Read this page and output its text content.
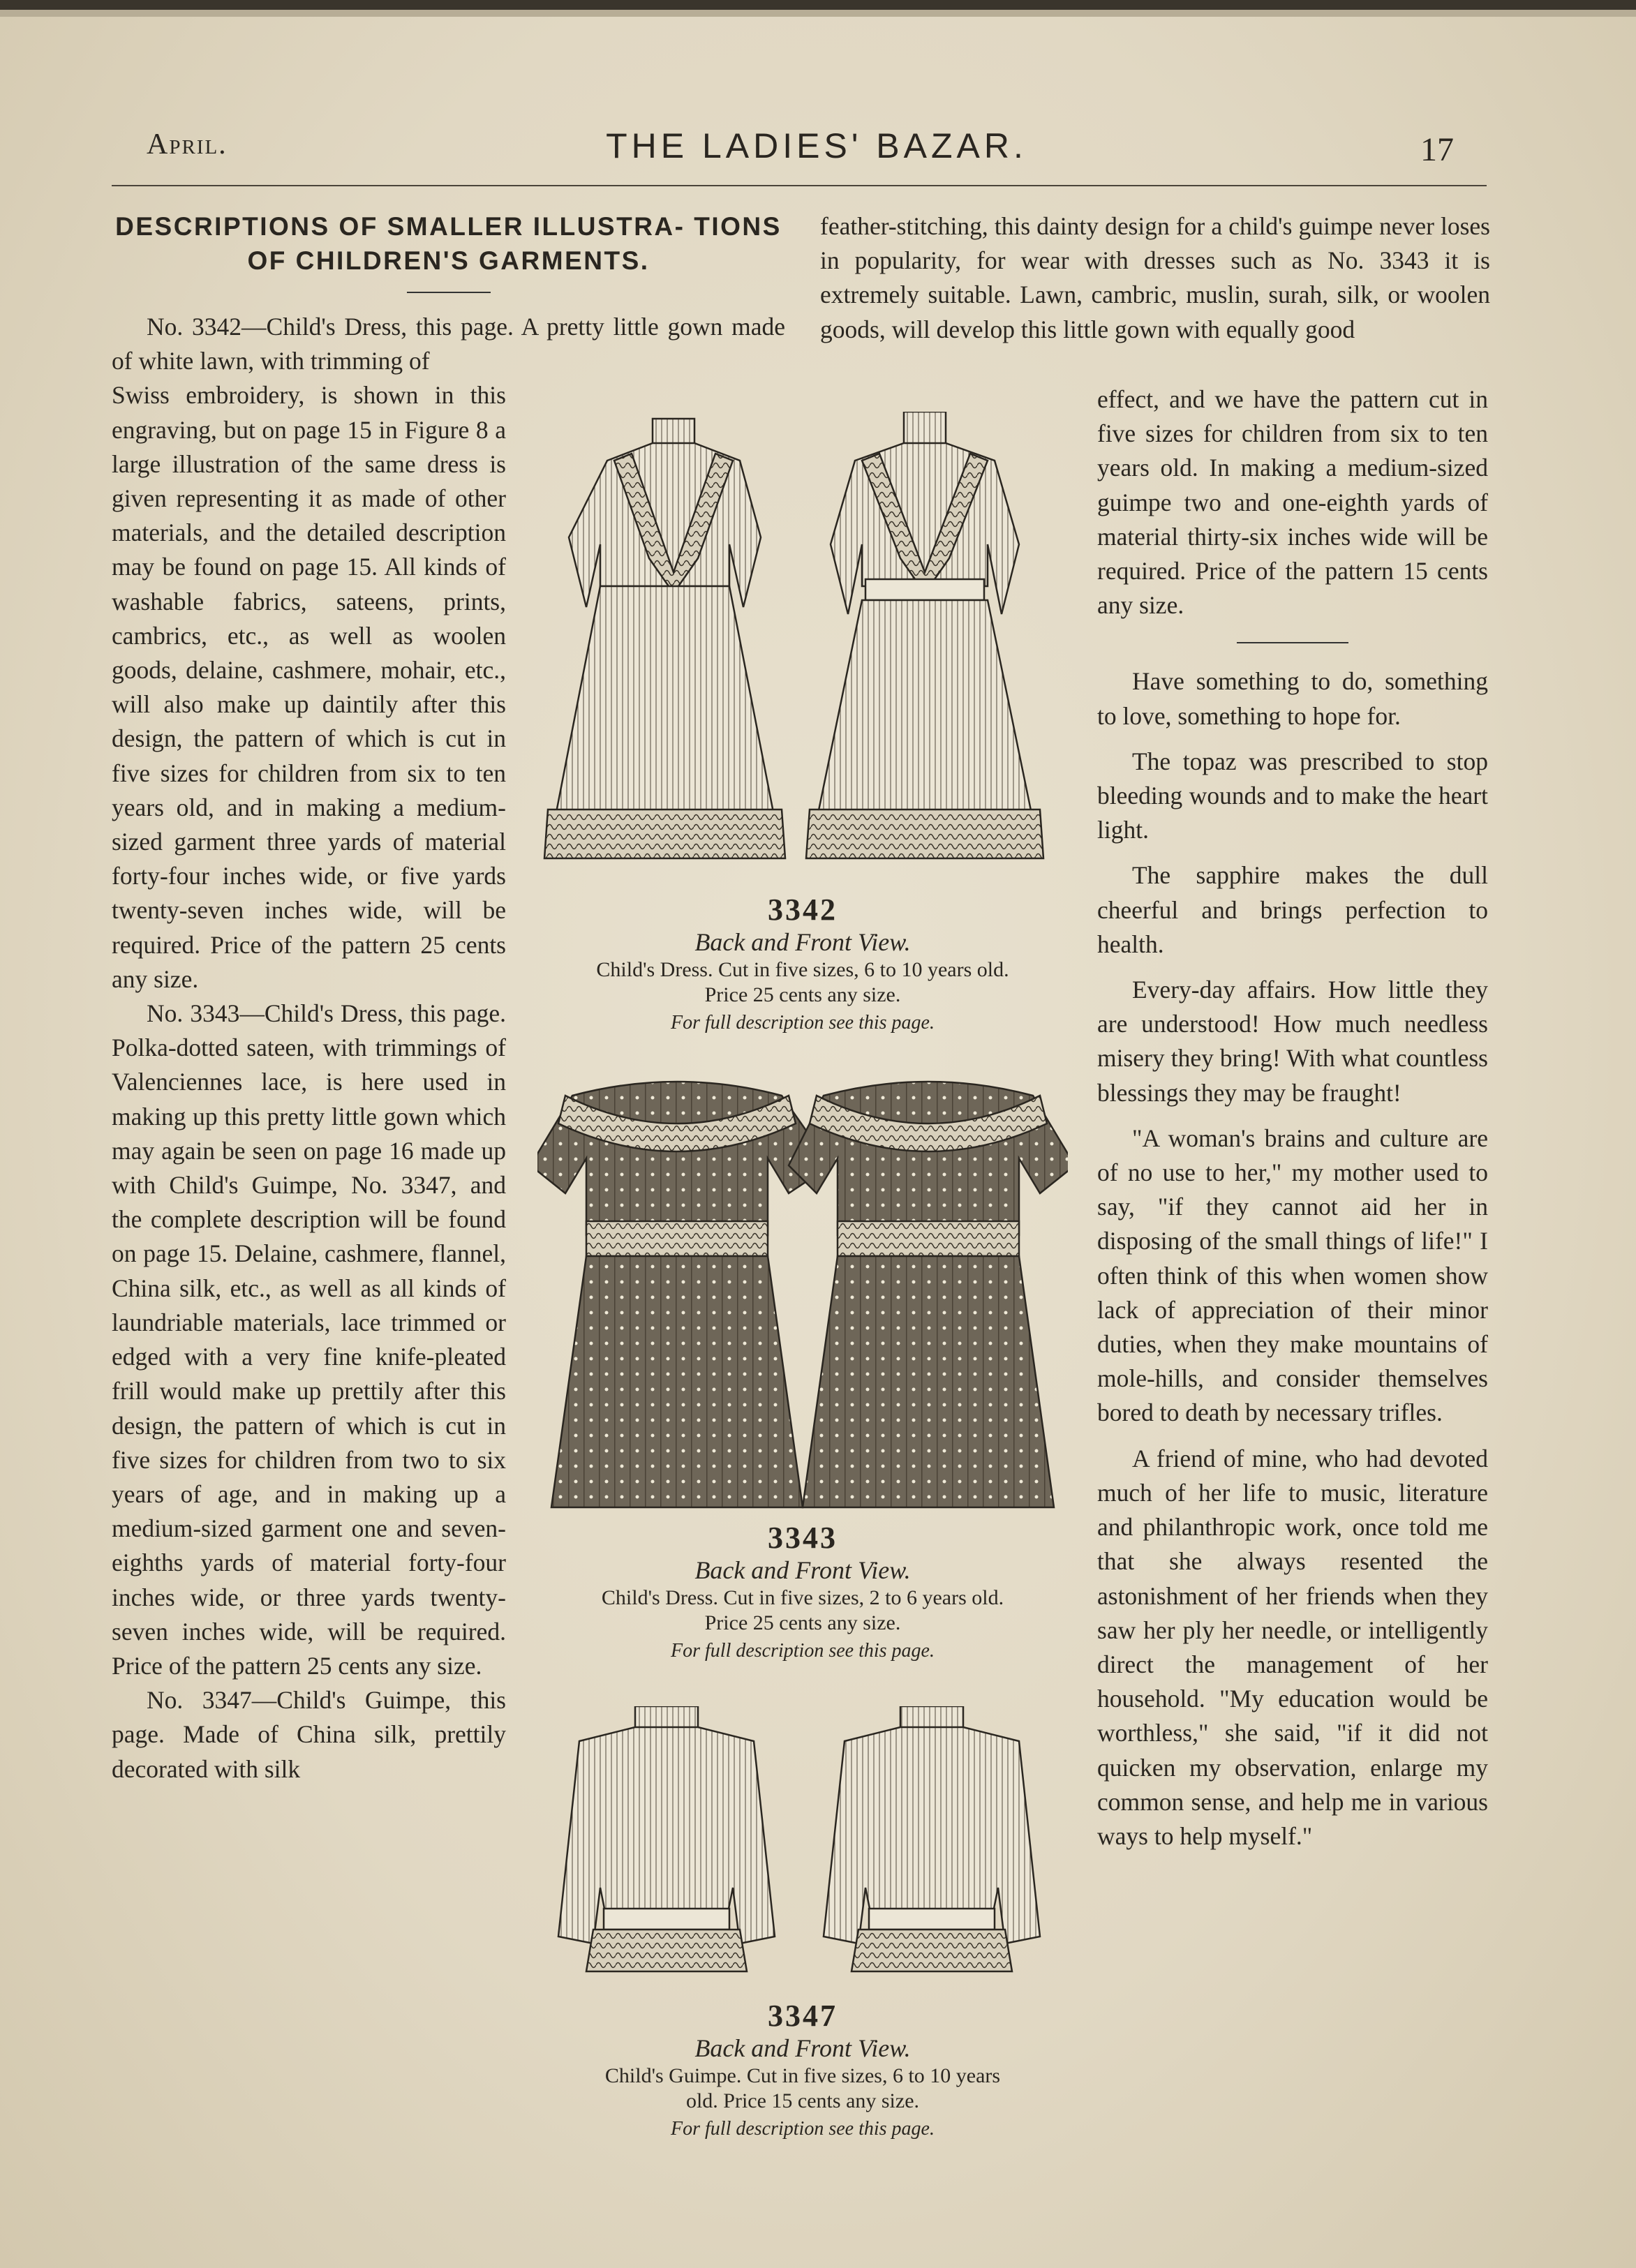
April.	THE LADIES' BAZAR.	17
DESCRIPTIONS OF SMALLER ILLUSTRA- TIONS OF CHILDREN'S GARMENTS.

No. 3342—Child's Dress, this page. A pretty little gown made of white lawn, with trimming of

Swiss embroidery, is shown in this engraving, but on page 15 in Figure 8 a large illustration of the same dress is given representing it as made of other materials, and the detailed description may be found on page 15. All kinds of washable fabrics, sateens, prints, cambrics, etc., as well as woolen goods, delaine, cashmere, mohair, etc., will also make up daintily after this design, the pattern of which is cut in five sizes for children from six to ten years old, and in making a medium-sized garment three yards of material forty-four inches wide, or five yards twenty-seven inches wide, will be required. Price of the pattern 25 cents any size.

No. 3343—Child's Dress, this page. Polka-dotted sateen, with trimmings of Valenciennes lace, is here used in making up this pretty little gown which may again be seen on page 16 made up with Child's Guimpe, No. 3347, and the complete description will be found on page 15. Delaine, cashmere, flannel, China silk, etc., as well as all kinds of laundriable materials, lace trimmed or edged with a very fine knife-pleated frill would make up prettily after this design, the pattern of which is cut in five sizes for children from two to six years of age, and in making up a medium-sized garment one and seven-eighths yards of material forty-four inches wide, or three yards twenty-seven inches wide, will be required. Price of the pattern 25 cents any size.

No. 3347—Child's Guimpe, this page. Made of China silk, prettily decorated with silk

feather-stitching, this dainty design for a child's guimpe never loses in popularity, for wear with dresses such as No. 3343 it is extremely suitable. Lawn, cambric, muslin, surah, silk, or woolen goods, will develop this little gown with equally good

effect, and we have the pattern cut in five sizes for children from six to ten years old. In making a medium-sized guimpe two and one-eighth yards of material thirty-six inches wide will be required. Price of the pattern 15 cents any size.

Have something to do, something to love, something to hope for.

The topaz was prescribed to stop bleeding wounds and to make the heart light.

The sapphire makes the dull cheerful and brings perfection to health.

Every-day affairs. How little they are understood! How much needless misery they bring! With what countless blessings they may be fraught!

"A woman's brains and culture are of no use to her," my mother used to say, "if they cannot aid her in disposing of the small things of life!" I often think of this when women show lack of appreciation of their minor duties, when they make mountains of mole-hills, and consider themselves bored to death by necessary trifles.

A friend of mine, who had devoted much of her life to music, literature and philanthropic work, once told me that she always resented the astonishment of her friends when they saw her ply her needle, or intelligently direct the management of her household. "My education would be worthless," she said, "if it did not quicken my observation, enlarge my common sense, and help me in various ways to help myself."

3342
Back and Front View.
Child's Dress. Cut in five sizes, 6 to 10 years old.
Price 25 cents any size.
For full description see this page.
3343
Back and Front View.
Child's Dress. Cut in five sizes, 2 to 6 years old.
Price 25 cents any size.
For full description see this page.
3347
Back and Front View.
Child's Guimpe. Cut in five sizes, 6 to 10 years
old. Price 15 cents any size.
For full description see this page.
